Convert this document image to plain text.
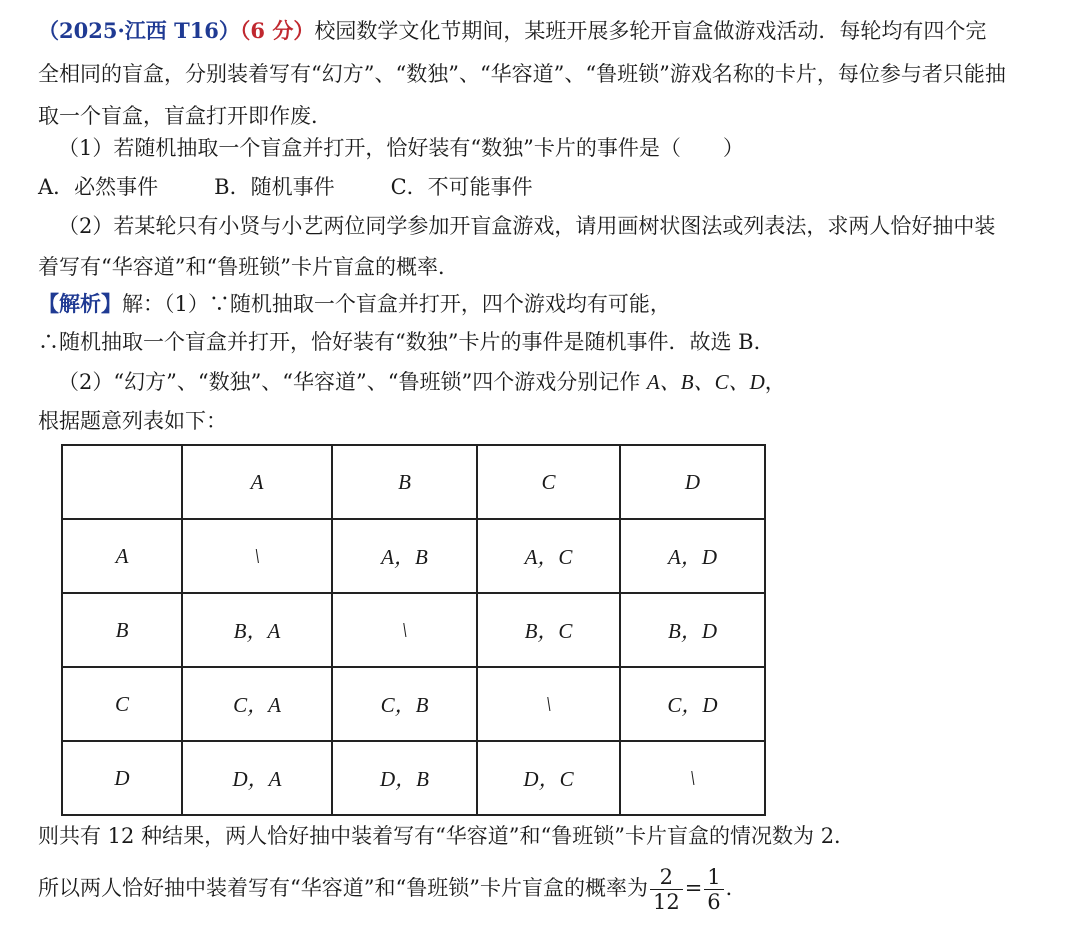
（2025·江西 T16）（6 分）校园数学文化节期间，某班开展多轮开盲盒做游戏活动．每轮均有四个完
全相同的盲盒，分别装着写有“幻方”、“数独”、“华容道”、“鲁班锁”游戏名称的卡片，每位参与者只能抽
取一个盲盒，盲盒打开即作废．
（1）若随机抽取一个盲盒并打开，恰好装有“数独”卡片的事件是（　　）
A．必然事件	B．随机事件	C．不可能事件
（2）若某轮只有小贤与小艺两位同学参加开盲盒游戏，请用画树状图法或列表法，求两人恰好抽中装
着写有“华容道”和“鲁班锁”卡片盲盒的概率．
【解析】解：（1）∵随机抽取一个盲盒并打开，四个游戏均有可能，
∴随机抽取一个盲盒并打开，恰好装有“数独”卡片的事件是随机事件．故选 B．
（2）“幻方”、“数独”、“华容道”、“鲁班锁”四个游戏分别记作 A、B、C、D，
根据题意列表如下：
	A	B	C	D
A	\	A，B	A，C	A，D
B	B，A	\	B，C	B，D
C	C，A	C，B	\	C，D
D	D，A	D，B	D，C	\
则共有 12 种结果，两人恰好抽中装着写有“华容道”和“鲁班锁”卡片盲盒的情况数为 2．
所以两人恰好抽中装着写有“华容道”和“鲁班锁”卡片盲盒的概率为 $\frac{2}{12} = \frac{1}{6}$ ．
